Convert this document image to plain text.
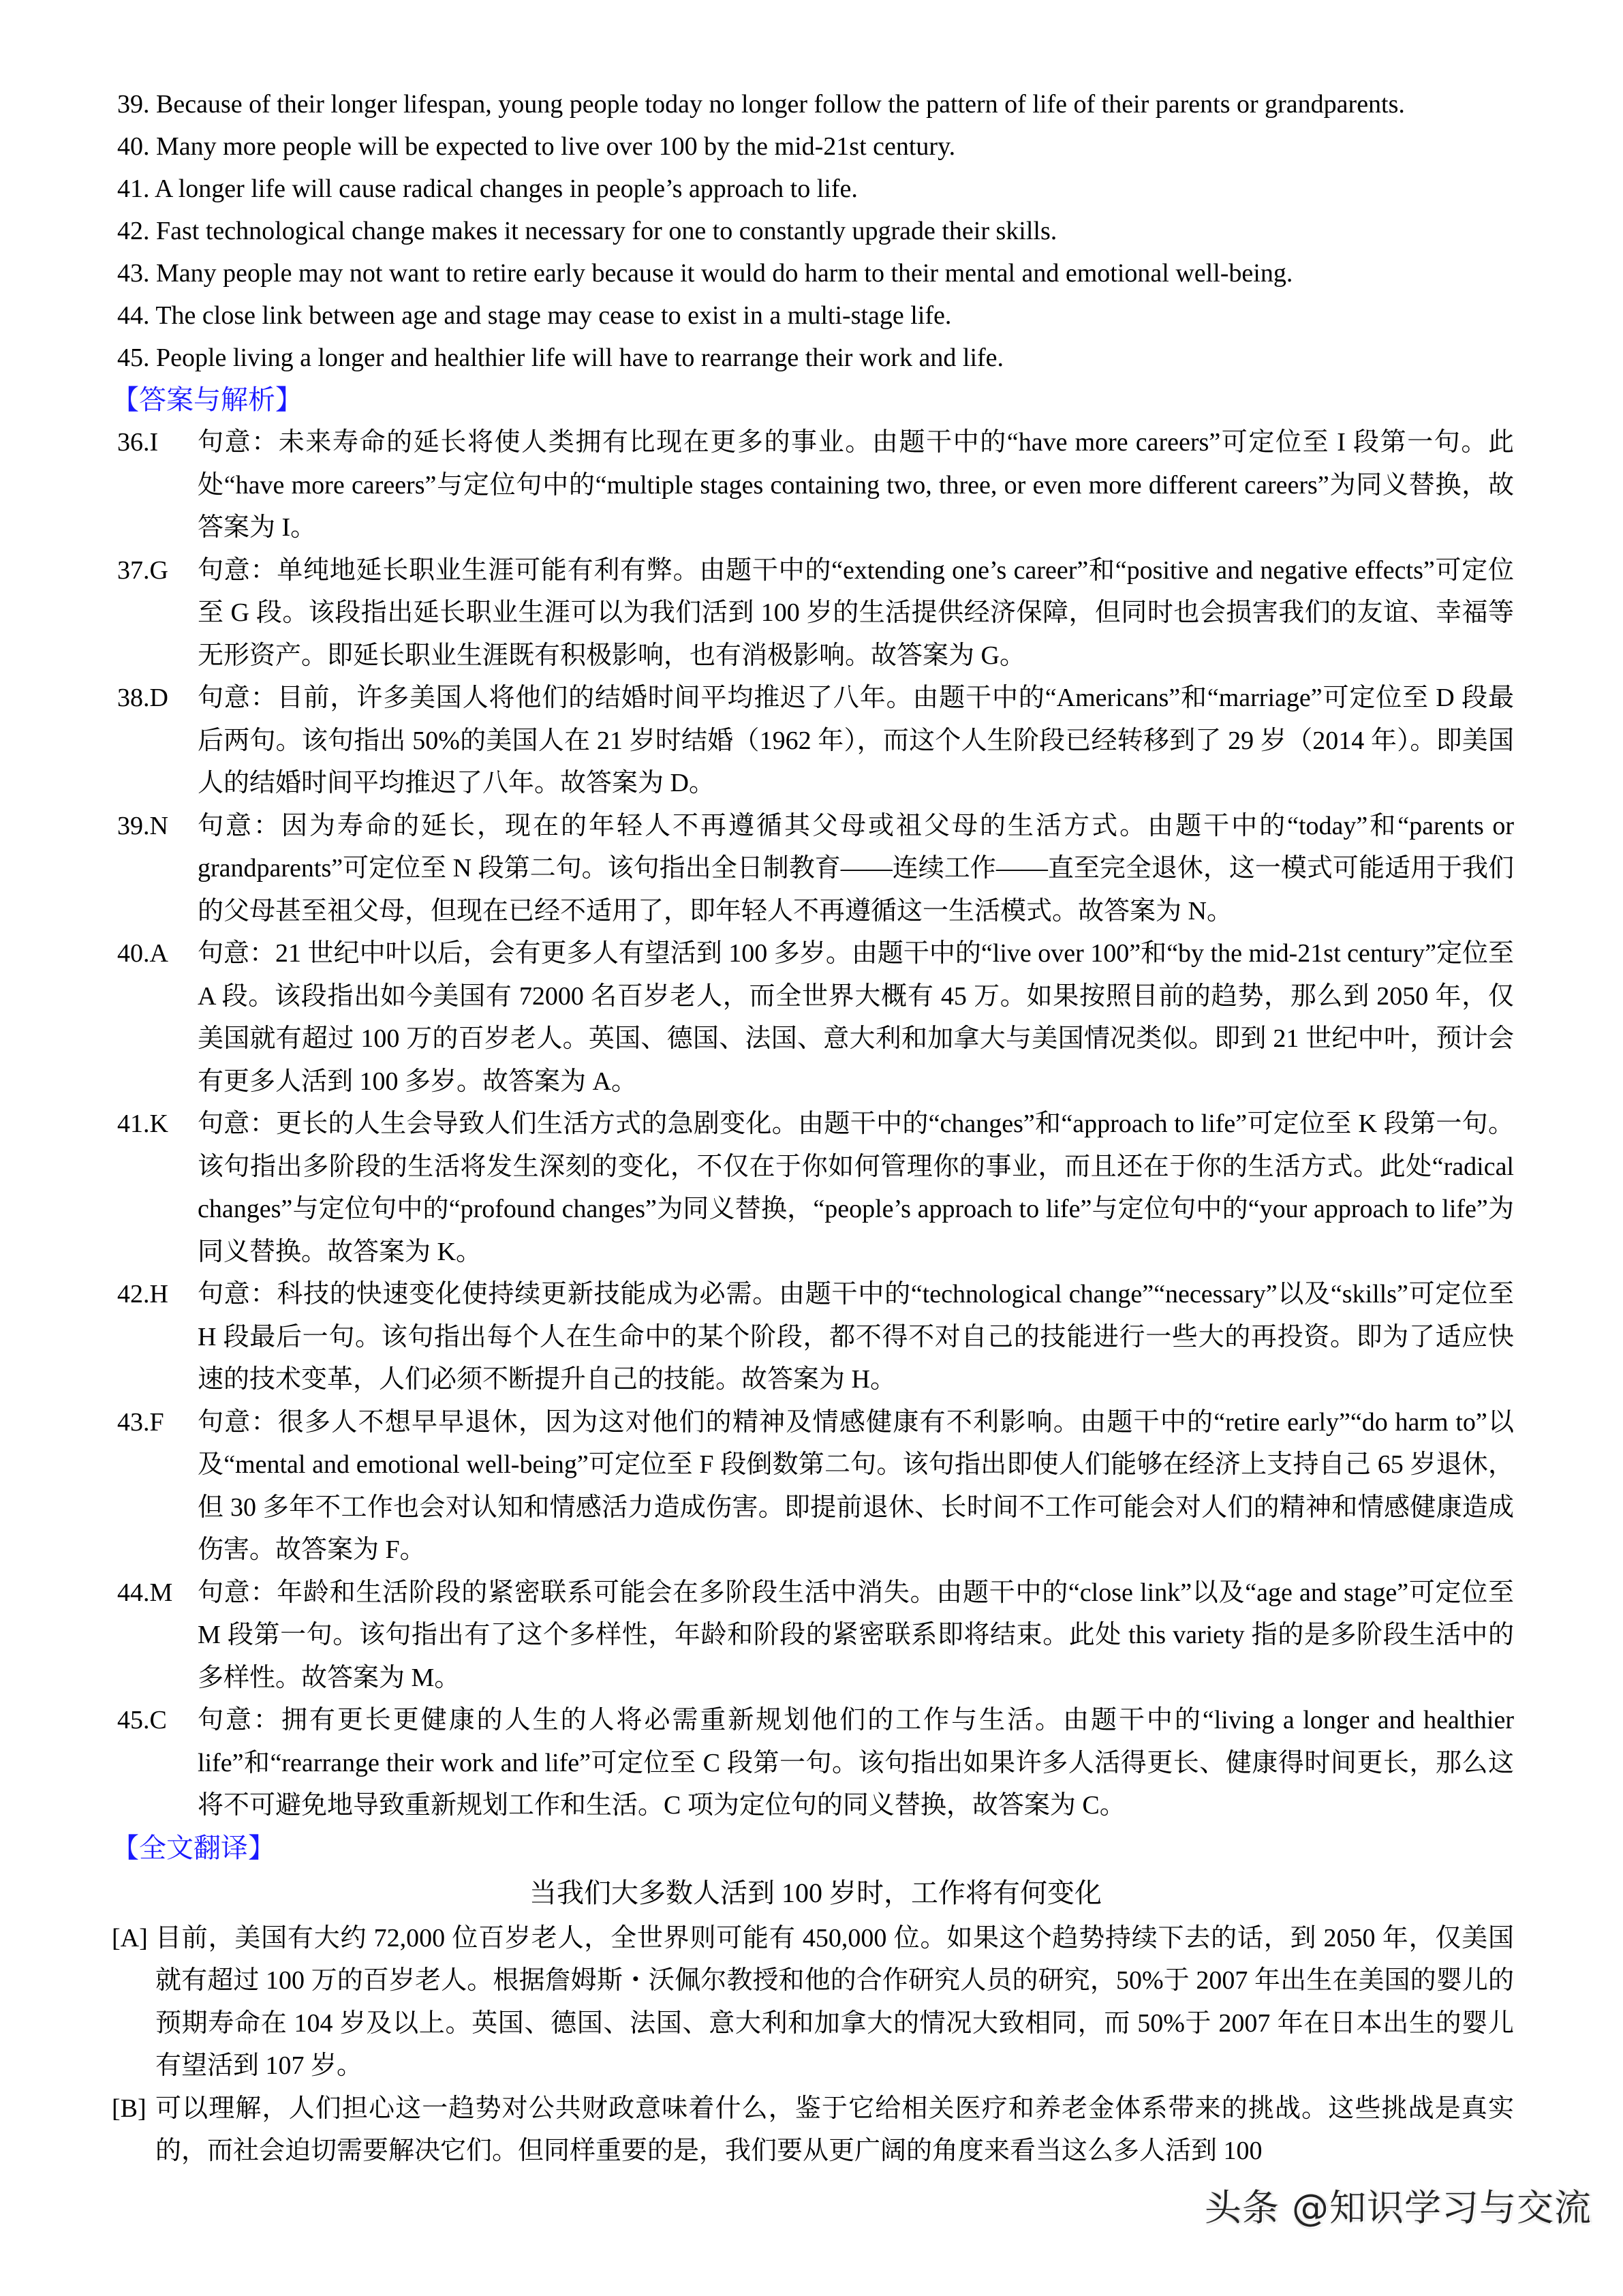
39. Because of their longer lifespan, young people today no longer follow the pattern of life of their parents or grandparents.

40. Many more people will be expected to live over 100 by the mid-21st century.

41. A longer life will cause radical changes in people’s approach to life.

42. Fast technological change makes it necessary for one to constantly upgrade their skills.

43. Many people may not want to retire early because it would do harm to their mental and emotional well-being.

44. The close link between age and stage may cease to exist in a multi-stage life.

45. People living a longer and healthier life will have to rearrange their work and life.

【答案与解析】

36.I	句意：未来寿命的延长将使人类拥有比现在更多的事业。由题干中的“have more careers”可定位至 I 段第一句。此处“have more careers”与定位句中的“multiple stages containing two, three, or even more different careers”为同义替换，故答案为 I。
37.G	句意：单纯地延长职业生涯可能有利有弊。由题干中的“extending one’s career”和“positive and negative effects”可定位至 G 段。该段指出延长职业生涯可以为我们活到 100 岁的生活提供经济保障，但同时也会损害我们的友谊、幸福等无形资产。即延长职业生涯既有积极影响，也有消极影响。故答案为 G。
38.D	句意：目前，许多美国人将他们的结婚时间平均推迟了八年。由题干中的“Americans”和“marriage”可定位至 D 段最后两句。该句指出 50%的美国人在 21 岁时结婚（1962 年），而这个人生阶段已经转移到了 29 岁（2014 年）。即美国人的结婚时间平均推迟了八年。故答案为 D。
39.N	句意：因为寿命的延长，现在的年轻人不再遵循其父母或祖父母的生活方式。由题干中的“today”和“parents or grandparents”可定位至 N 段第二句。该句指出全日制教育——连续工作——直至完全退休，这一模式可能适用于我们的父母甚至祖父母，但现在已经不适用了，即年轻人不再遵循这一生活模式。故答案为 N。
40.A	句意：21 世纪中叶以后，会有更多人有望活到 100 多岁。由题干中的“live over 100”和“by the mid-21st century”定位至 A 段。该段指出如今美国有 72000 名百岁老人，而全世界大概有 45 万。如果按照目前的趋势，那么到 2050 年，仅美国就有超过 100 万的百岁老人。英国、德国、法国、意大利和加拿大与美国情况类似。即到 21 世纪中叶，预计会有更多人活到 100 多岁。故答案为 A。
41.K	句意：更长的人生会导致人们生活方式的急剧变化。由题干中的“changes”和“approach to life”可定位至 K 段第一句。该句指出多阶段的生活将发生深刻的变化，不仅在于你如何管理你的事业，而且还在于你的生活方式。此处“radical changes”与定位句中的“profound changes”为同义替换，“people’s approach to life”与定位句中的“your approach to life”为同义替换。故答案为 K。
42.H	句意：科技的快速变化使持续更新技能成为必需。由题干中的“technological change”“necessary”以及“skills”可定位至 H 段最后一句。该句指出每个人在生命中的某个阶段，都不得不对自己的技能进行一些大的再投资。即为了适应快速的技术变革，人们必须不断提升自己的技能。故答案为 H。
43.F	句意：很多人不想早早退休，因为这对他们的精神及情感健康有不利影响。由题干中的“retire early”“do harm to”以及“mental and emotional well-being”可定位至 F 段倒数第二句。该句指出即使人们能够在经济上支持自己 65 岁退休，但 30 多年不工作也会对认知和情感活力造成伤害。即提前退休、长时间不工作可能会对人们的精神和情感健康造成伤害。故答案为 F。
44.M 句意：年龄和生活阶段的紧密联系可能会在多阶段生活中消失。由题干中的“close link”以及“age and stage”可定位至 M 段第一句。该句指出有了这个多样性，年龄和阶段的紧密联系即将结束。此处 this variety 指的是多阶段生活中的多样性。故答案为 M。
45.C	句意：拥有更长更健康的人生的人将必需重新规划他们的工作与生活。由题干中的“living a longer and healthier life”和“rearrange their work and life”可定位至 C 段第一句。该句指出如果许多人活得更长、健康得时间更长，那么这将不可避免地导致重新规划工作和生活。C 项为定位句的同义替换，故答案为 C。

【全文翻译】

当我们大多数人活到 100 岁时，工作将有何变化

[A] 目前，美国有大约 72,000 位百岁老人，全世界则可能有 450,000 位。如果这个趋势持续下去的话，到 2050 年，仅美国就有超过 100 万的百岁老人。根据詹姆斯・沃佩尔教授和他的合作研究人员的研究，50%于 2007 年出生在美国的婴儿的预期寿命在 104 岁及以上。英国、德国、法国、意大利和加拿大的情况大致相同，而 50%于 2007 年在日本出生的婴儿有望活到 107 岁。
[B] 可以理解，人们担心这一趋势对公共财政意味着什么，鉴于它给相关医疗和养老金体系带来的挑战。这些挑战是真实的，而社会迫切需要解决它们。但同样重要的是，我们要从更广阔的角度来看当这么多人活到 100
头条 @知识学习与交流
